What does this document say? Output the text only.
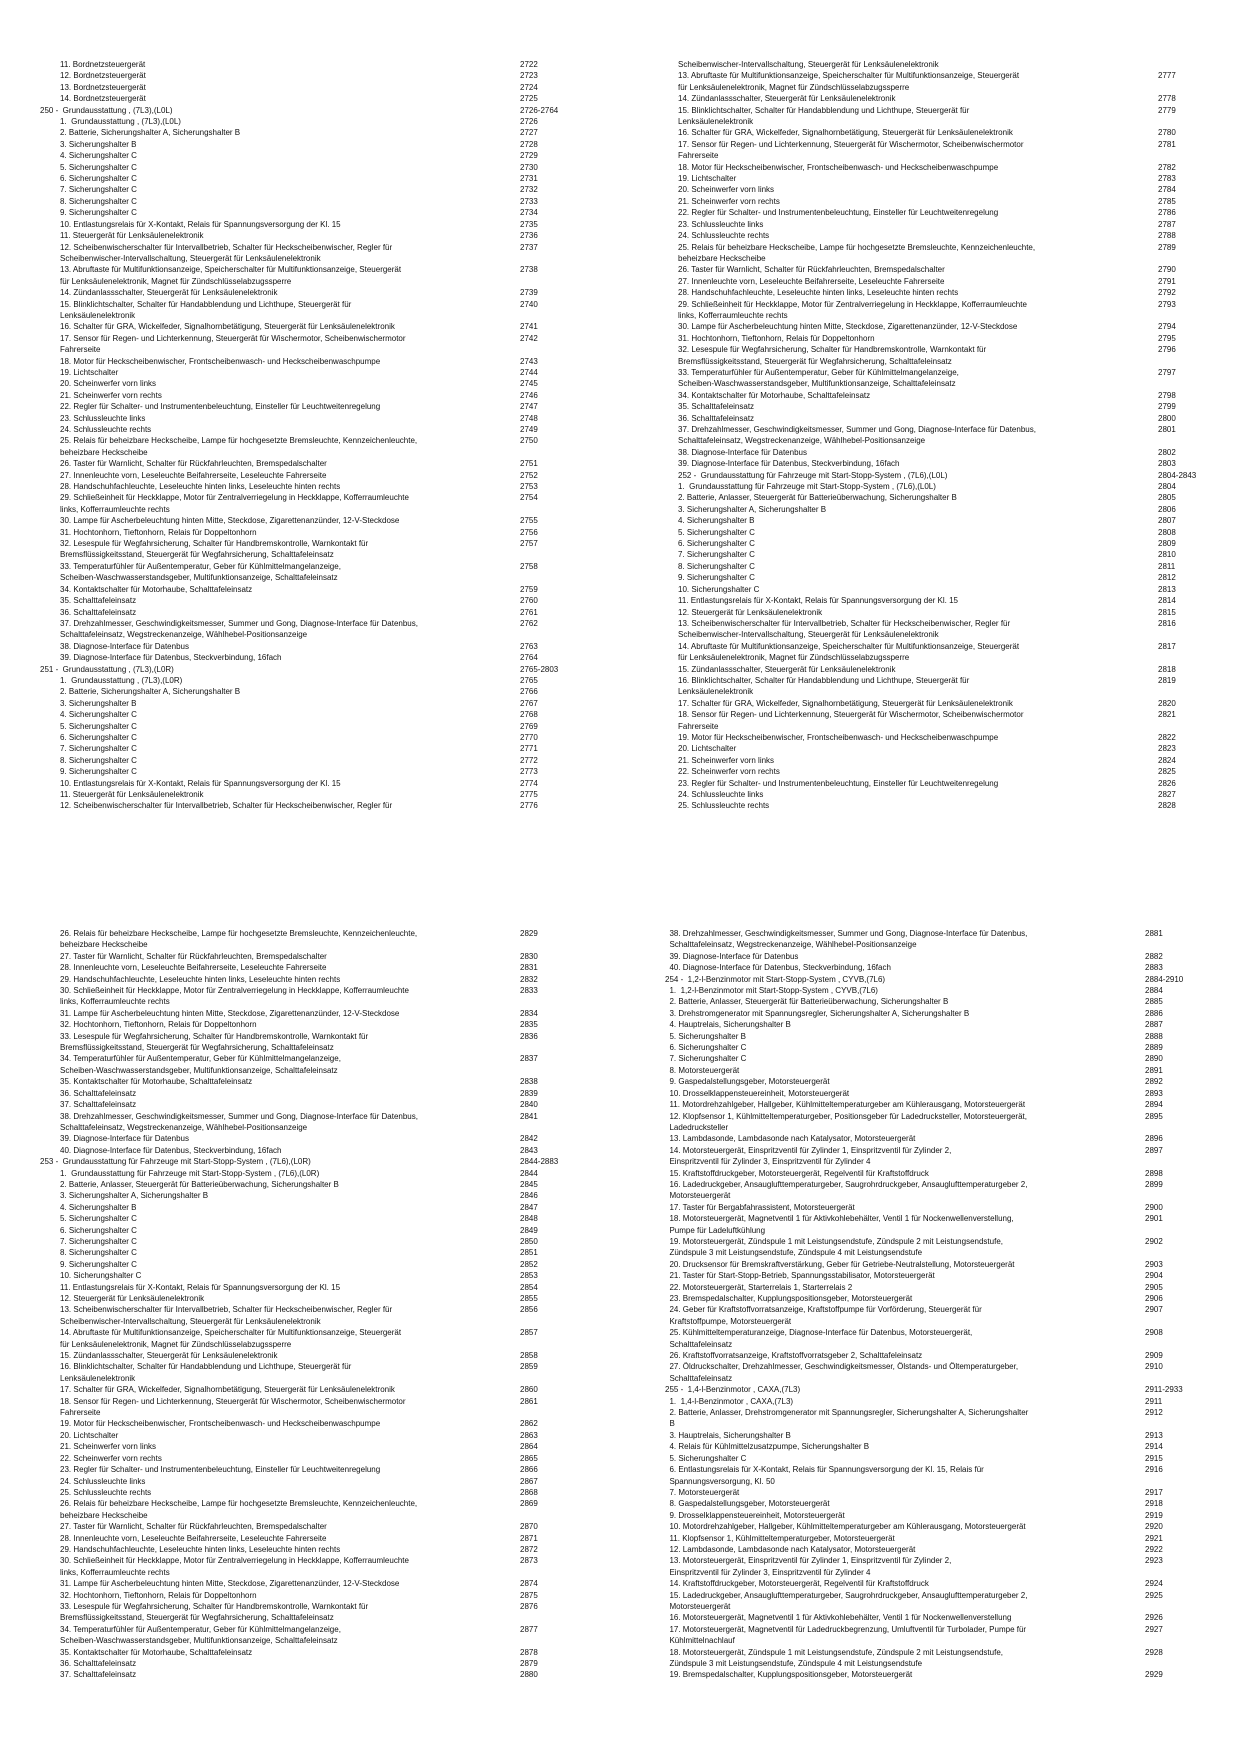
11. Bordnetzsteuergerät	2722
12. Bordnetzsteuergerät	2723
13. Bordnetzsteuergerät	2724
14. Bordnetzsteuergerät	2725
250 -  Grundausstattung , (7L3),(L0L)	2726-2764
1.  Grundausstattung , (7L3),(L0L)	2726
2. Batterie, Sicherungshalter A, Sicherungshalter B	2727
3. Sicherungshalter B	2728
4. Sicherungshalter C	2729
5. Sicherungshalter C	2730
6. Sicherungshalter C	2731
7. Sicherungshalter C	2732
8. Sicherungshalter C	2733
9. Sicherungshalter C	2734
10. Entlastungsrelais für X-Kontakt, Relais für Spannungsversorgung der Kl. 15	2735
11. Steuergerät für Lenksäulenelektronik	2736
12. Scheibenwischerschalter für Intervallbetrieb, Schalter für Heckscheibenwischer, Regler für
Scheibenwischer-Intervallschaltung, Steuergerät für Lenksäulenelektronik
2737
13. Abruftaste für Multifunktionsanzeige, Speicherschalter für Multifunktionsanzeige, Steuergerät
für Lenksäulenelektronik, Magnet für Zündschlüsselabzugssperre
2738
14. Zündanlassschalter, Steuergerät für Lenksäulenelektronik	2739
15. Blinklichtschalter, Schalter für Handabblendung und Lichthupe, Steuergerät für
Lenksäulenelektronik
2740
16. Schalter für GRA, Wickelfeder, Signalhornbetätigung, Steuergerät für Lenksäulenelektronik	2741
17. Sensor für Regen- und Lichterkennung, Steuergerät für Wischermotor, Scheibenwischermotor
Fahrerseite
2742
18. Motor für Heckscheibenwischer, Frontscheibenwasch- und Heckscheibenwaschpumpe	2743
19. Lichtschalter	2744
20. Scheinwerfer vorn links	2745
21. Scheinwerfer vorn rechts	2746
22. Regler für Schalter- und Instrumentenbeleuchtung, Einsteller für Leuchtweitenregelung	2747
23. Schlussleuchte links	2748
24. Schlussleuchte rechts	2749
25. Relais für beheizbare Heckscheibe, Lampe für hochgesetzte Bremsleuchte, Kennzeichenleuchte,
beheizbare Heckscheibe
2750
26. Taster für Warnlicht, Schalter für Rückfahrleuchten, Bremspedalschalter	2751
27. Innenleuchte vorn, Leseleuchte Beifahrerseite, Leseleuchte Fahrerseite	2752
28. Handschuhfachleuchte, Leseleuchte hinten links, Leseleuchte hinten rechts	2753
29. Schließeinheit für Heckklappe, Motor für Zentralverriegelung in Heckklappe, Kofferraumleuchte
links, Kofferraumleuchte rechts
2754
30. Lampe für Ascherbeleuchtung hinten Mitte, Steckdose, Zigarettenanzünder, 12-V-Steckdose	2755
31. Hochtonhorn, Tieftonhorn, Relais für Doppeltonhorn	2756
32. Lesespule für Wegfahrsicherung, Schalter für Handbremskontrolle, Warnkontakt für
Bremsflüssigkeitsstand, Steuergerät für Wegfahrsicherung, Schalttafeleinsatz
2757
33. Temperaturfühler für Außentemperatur, Geber für Kühlmittelmangelanzeige,
Scheiben-Waschwasserstandsgeber, Multifunktionsanzeige, Schalttafeleinsatz
2758
34. Kontaktschalter für Motorhaube, Schalttafeleinsatz	2759
35. Schalttafeleinsatz	2760
36. Schalttafeleinsatz	2761
37. Drehzahlmesser, Geschwindigkeitsmesser, Summer und Gong, Diagnose-Interface für Datenbus,
Schalttafeleinsatz, Wegstreckenanzeige, Wählhebel-Positionsanzeige
2762
38. Diagnose-Interface für Datenbus	2763
39. Diagnose-Interface für Datenbus, Steckverbindung, 16fach	2764
251 -  Grundausstattung , (7L3),(L0R)	2765-2803
1.  Grundausstattung , (7L3),(L0R)	2765
2. Batterie, Sicherungshalter A, Sicherungshalter B	2766
3. Sicherungshalter B	2767
4. Sicherungshalter C	2768
5. Sicherungshalter C	2769
6. Sicherungshalter C	2770
7. Sicherungshalter C	2771
8. Sicherungshalter C	2772
9. Sicherungshalter C	2773
10. Entlastungsrelais für X-Kontakt, Relais für Spannungsversorgung der Kl. 15	2774
11. Steuergerät für Lenksäulenelektronik	2775
12. Scheibenwischerschalter für Intervallbetrieb, Schalter für Heckscheibenwischer, Regler für	2776
Scheibenwischer-Intervallschaltung, Steuergerät für Lenksäulenelektronik
13. Abruftaste für Multifunktionsanzeige, Speicherschalter für Multifunktionsanzeige, Steuergerät
für Lenksäulenelektronik, Magnet für Zündschlüsselabzugssperre
2777
14. Zündanlassschalter, Steuergerät für Lenksäulenelektronik	2778
15. Blinklichtschalter, Schalter für Handabblendung und Lichthupe, Steuergerät für
Lenksäulenelektronik
2779
16. Schalter für GRA, Wickelfeder, Signalhornbetätigung, Steuergerät für Lenksäulenelektronik	2780
17. Sensor für Regen- und Lichterkennung, Steuergerät für Wischermotor, Scheibenwischermotor
Fahrerseite
2781
18. Motor für Heckscheibenwischer, Frontscheibenwasch- und Heckscheibenwaschpumpe	2782
19. Lichtschalter	2783
20. Scheinwerfer vorn links	2784
21. Scheinwerfer vorn rechts	2785
22. Regler für Schalter- und Instrumentenbeleuchtung, Einsteller für Leuchtweitenregelung	2786
23. Schlussleuchte links	2787
24. Schlussleuchte rechts	2788
25. Relais für beheizbare Heckscheibe, Lampe für hochgesetzte Bremsleuchte, Kennzeichenleuchte,
beheizbare Heckscheibe
2789
26. Taster für Warnlicht, Schalter für Rückfahrleuchten, Bremspedalschalter	2790
27. Innenleuchte vorn, Leseleuchte Beifahrerseite, Leseleuchte Fahrerseite	2791
28. Handschuhfachleuchte, Leseleuchte hinten links, Leseleuchte hinten rechts	2792
29. Schließeinheit für Heckklappe, Motor für Zentralverriegelung in Heckklappe, Kofferraumleuchte
links, Kofferraumleuchte rechts
2793
30. Lampe für Ascherbeleuchtung hinten Mitte, Steckdose, Zigarettenanzünder, 12-V-Steckdose	2794
31. Hochtonhorn, Tieftonhorn, Relais für Doppeltonhorn	2795
32. Lesespule für Wegfahrsicherung, Schalter für Handbremskontrolle, Warnkontakt für
Bremsflüssigkeitsstand, Steuergerät für Wegfahrsicherung, Schalttafeleinsatz
2796
33. Temperaturfühler für Außentemperatur, Geber für Kühlmittelmangelanzeige,
Scheiben-Waschwasserstandsgeber, Multifunktionsanzeige, Schalttafeleinsatz
2797
34. Kontaktschalter für Motorhaube, Schalttafeleinsatz	2798
35. Schalttafeleinsatz	2799
36. Schalttafeleinsatz	2800
37. Drehzahlmesser, Geschwindigkeitsmesser, Summer und Gong, Diagnose-Interface für Datenbus,
Schalttafeleinsatz, Wegstreckenanzeige, Wählhebel-Positionsanzeige
2801
38. Diagnose-Interface für Datenbus	2802
39. Diagnose-Interface für Datenbus, Steckverbindung, 16fach	2803
252 -  Grundausstattung für Fahrzeuge mit Start-Stopp-System , (7L6),(L0L)	2804-2843
1.  Grundausstattung für Fahrzeuge mit Start-Stopp-System , (7L6),(L0L)	2804
2. Batterie, Anlasser, Steuergerät für Batterieüberwachung, Sicherungshalter B	2805
3. Sicherungshalter A, Sicherungshalter B	2806
4. Sicherungshalter B	2807
5. Sicherungshalter C	2808
6. Sicherungshalter C	2809
7. Sicherungshalter C	2810
8. Sicherungshalter C	2811
9. Sicherungshalter C	2812
10. Sicherungshalter C	2813
11. Entlastungsrelais für X-Kontakt, Relais für Spannungsversorgung der Kl. 15	2814
12. Steuergerät für Lenksäulenelektronik	2815
13. Scheibenwischerschalter für Intervallbetrieb, Schalter für Heckscheibenwischer, Regler für
Scheibenwischer-Intervallschaltung, Steuergerät für Lenksäulenelektronik
2816
14. Abruftaste für Multifunktionsanzeige, Speicherschalter für Multifunktionsanzeige, Steuergerät
für Lenksäulenelektronik, Magnet für Zündschlüsselabzugssperre
2817
15. Zündanlassschalter, Steuergerät für Lenksäulenelektronik	2818
16. Blinklichtschalter, Schalter für Handabblendung und Lichthupe, Steuergerät für
Lenksäulenelektronik
2819
17. Schalter für GRA, Wickelfeder, Signalhornbetätigung, Steuergerät für Lenksäulenelektronik	2820
18. Sensor für Regen- und Lichterkennung, Steuergerät für Wischermotor, Scheibenwischermotor
Fahrerseite
2821
19. Motor für Heckscheibenwischer, Frontscheibenwasch- und Heckscheibenwaschpumpe	2822
20. Lichtschalter	2823
21. Scheinwerfer vorn links	2824
22. Scheinwerfer vorn rechts	2825
23. Regler für Schalter- und Instrumentenbeleuchtung, Einsteller für Leuchtweitenregelung	2826
24. Schlussleuchte links	2827
25. Schlussleuchte rechts	2828
26. Relais für beheizbare Heckscheibe, Lampe für hochgesetzte Bremsleuchte, Kennzeichenleuchte,
beheizbare Heckscheibe
2829
27. Taster für Warnlicht, Schalter für Rückfahrleuchten, Bremspedalschalter	2830
28. Innenleuchte vorn, Leseleuchte Beifahrerseite, Leseleuchte Fahrerseite	2831
29. Handschuhfachleuchte, Leseleuchte hinten links, Leseleuchte hinten rechts	2832
30. Schließeinheit für Heckklappe, Motor für Zentralverriegelung in Heckklappe, Kofferraumleuchte
links, Kofferraumleuchte rechts
2833
31. Lampe für Ascherbeleuchtung hinten Mitte, Steckdose, Zigarettenanzünder, 12-V-Steckdose	2834
32. Hochtonhorn, Tieftonhorn, Relais für Doppeltonhorn	2835
33. Lesespule für Wegfahrsicherung, Schalter für Handbremskontrolle, Warnkontakt für
Bremsflüssigkeitsstand, Steuergerät für Wegfahrsicherung, Schalttafeleinsatz
2836
34. Temperaturfühler für Außentemperatur, Geber für Kühlmittelmangelanzeige,
Scheiben-Waschwasserstandsgeber, Multifunktionsanzeige, Schalttafeleinsatz
2837
35. Kontaktschalter für Motorhaube, Schalttafeleinsatz	2838
36. Schalttafeleinsatz	2839
37. Schalttafeleinsatz	2840
38. Drehzahlmesser, Geschwindigkeitsmesser, Summer und Gong, Diagnose-Interface für Datenbus,
Schalttafeleinsatz, Wegstreckenanzeige, Wählhebel-Positionsanzeige
2841
39. Diagnose-Interface für Datenbus	2842
40. Diagnose-Interface für Datenbus, Steckverbindung, 16fach	2843
253 -  Grundausstattung für Fahrzeuge mit Start-Stopp-System , (7L6),(L0R)	2844-2883
1.  Grundausstattung für Fahrzeuge mit Start-Stopp-System , (7L6),(L0R)	2844
2. Batterie, Anlasser, Steuergerät für Batterieüberwachung, Sicherungshalter B	2845
3. Sicherungshalter A, Sicherungshalter B	2846
4. Sicherungshalter B	2847
5. Sicherungshalter C	2848
6. Sicherungshalter C	2849
7. Sicherungshalter C	2850
8. Sicherungshalter C	2851
9. Sicherungshalter C	2852
10. Sicherungshalter C	2853
11. Entlastungsrelais für X-Kontakt, Relais für Spannungsversorgung der Kl. 15	2854
12. Steuergerät für Lenksäulenelektronik	2855
13. Scheibenwischerschalter für Intervallbetrieb, Schalter für Heckscheibenwischer, Regler für
Scheibenwischer-Intervallschaltung, Steuergerät für Lenksäulenelektronik
2856
14. Abruftaste für Multifunktionsanzeige, Speicherschalter für Multifunktionsanzeige, Steuergerät
für Lenksäulenelektronik, Magnet für Zündschlüsselabzugssperre
2857
15. Zündanlassschalter, Steuergerät für Lenksäulenelektronik	2858
16. Blinklichtschalter, Schalter für Handabblendung und Lichthupe, Steuergerät für
Lenksäulenelektronik
2859
17. Schalter für GRA, Wickelfeder, Signalhornbetätigung, Steuergerät für Lenksäulenelektronik	2860
18. Sensor für Regen- und Lichterkennung, Steuergerät für Wischermotor, Scheibenwischermotor
Fahrerseite
2861
19. Motor für Heckscheibenwischer, Frontscheibenwasch- und Heckscheibenwaschpumpe	2862
20. Lichtschalter	2863
21. Scheinwerfer vorn links	2864
22. Scheinwerfer vorn rechts	2865
23. Regler für Schalter- und Instrumentenbeleuchtung, Einsteller für Leuchtweitenregelung	2866
24. Schlussleuchte links	2867
25. Schlussleuchte rechts	2868
26. Relais für beheizbare Heckscheibe, Lampe für hochgesetzte Bremsleuchte, Kennzeichenleuchte,
beheizbare Heckscheibe
2869
27. Taster für Warnlicht, Schalter für Rückfahrleuchten, Bremspedalschalter	2870
28. Innenleuchte vorn, Leseleuchte Beifahrerseite, Leseleuchte Fahrerseite	2871
29. Handschuhfachleuchte, Leseleuchte hinten links, Leseleuchte hinten rechts	2872
30. Schließeinheit für Heckklappe, Motor für Zentralverriegelung in Heckklappe, Kofferraumleuchte
links, Kofferraumleuchte rechts
2873
31. Lampe für Ascherbeleuchtung hinten Mitte, Steckdose, Zigarettenanzünder, 12-V-Steckdose	2874
32. Hochtonhorn, Tieftonhorn, Relais für Doppeltonhorn	2875
33. Lesespule für Wegfahrsicherung, Schalter für Handbremskontrolle, Warnkontakt für
Bremsflüssigkeitsstand, Steuergerät für Wegfahrsicherung, Schalttafeleinsatz
2876
34. Temperaturfühler für Außentemperatur, Geber für Kühlmittelmangelanzeige,
Scheiben-Waschwasserstandsgeber, Multifunktionsanzeige, Schalttafeleinsatz
2877
35. Kontaktschalter für Motorhaube, Schalttafeleinsatz	2878
36. Schalttafeleinsatz	2879
37. Schalttafeleinsatz	2880
38. Drehzahlmesser, Geschwindigkeitsmesser, Summer und Gong, Diagnose-Interface für Datenbus,
Schalttafeleinsatz, Wegstreckenanzeige, Wählhebel-Positionsanzeige
2881
39. Diagnose-Interface für Datenbus	2882
40. Diagnose-Interface für Datenbus, Steckverbindung, 16fach	2883
254 -  1,2-l-Benzinmotor mit Start-Stopp-System , CYVB,(7L6)	2884-2910
1.  1,2-l-Benzinmotor mit Start-Stopp-System , CYVB,(7L6)	2884
2. Batterie, Anlasser, Steuergerät für Batterieüberwachung, Sicherungshalter B	2885
3. Drehstromgenerator mit Spannungsregler, Sicherungshalter A, Sicherungshalter B	2886
4. Hauptrelais, Sicherungshalter B	2887
5. Sicherungshalter B	2888
6. Sicherungshalter C	2889
7. Sicherungshalter C	2890
8. Motorsteuergerät	2891
9. Gaspedalstellungsgeber, Motorsteuergerät	2892
10. Drosselklappensteuereinheit, Motorsteuergerät	2893
11. Motordrehzahlgeber, Hallgeber, Kühlmitteltemperaturgeber am Kühlerausgang, Motorsteuergerät	2894
12. Klopfsensor 1, Kühlmitteltemperaturgeber, Positionsgeber für Ladedrucksteller, Motorsteuergerät,
Ladedrucksteller
2895
13. Lambdasonde, Lambdasonde nach Katalysator, Motorsteuergerät	2896
14. Motorsteuergerät, Einspritzventil für Zylinder 1, Einspritzventil für Zylinder 2,
Einspritzventil für Zylinder 3, Einspritzventil für Zylinder 4
2897
15. Kraftstoffdruckgeber, Motorsteuergerät, Regelventil für Kraftstoffdruck	2898
16. Ladedruckgeber, Ansauglufttemperaturgeber, Saugrohrdruckgeber, Ansauglufttemperaturgeber 2,
Motorsteuergerät
2899
17. Taster für Bergabfahrassistent, Motorsteuergerät	2900
18. Motorsteuergerät, Magnetventil 1 für Aktivkohlebehälter, Ventil 1 für Nockenwellenverstellung,
Pumpe für Ladeluftkühlung
2901
19. Motorsteuergerät, Zündspule 1 mit Leistungsendstufe, Zündspule 2 mit Leistungsendstufe,
Zündspule 3 mit Leistungsendstufe, Zündspule 4 mit Leistungsendstufe
2902
20. Drucksensor für Bremskraftverstärkung, Geber für Getriebe-Neutralstellung, Motorsteuergerät	2903
21. Taster für Start-Stopp-Betrieb, Spannungsstabilisator, Motorsteuergerät	2904
22. Motorsteuergerät, Starterrelais 1, Starterrelais 2	2905
23. Bremspedalschalter, Kupplungspositionsgeber, Motorsteuergerät	2906
24. Geber für Kraftstoffvorratsanzeige, Kraftstoffpumpe für Vorförderung, Steuergerät für
Kraftstoffpumpe, Motorsteuergerät
2907
25. Kühlmitteltemperaturanzeige, Diagnose-Interface für Datenbus, Motorsteuergerät,
Schalttafeleinsatz
2908
26. Kraftstoffvorratsanzeige, Kraftstoffvorratsgeber 2, Schalttafeleinsatz	2909
27. Öldruckschalter, Drehzahlmesser, Geschwindigkeitsmesser, Ölstands- und Öltemperaturgeber,
Schalttafeleinsatz
2910
255 -  1,4-l-Benzinmotor , CAXA,(7L3)	2911-2933
1.  1,4-l-Benzinmotor , CAXA,(7L3)	2911
2. Batterie, Anlasser, Drehstromgenerator mit Spannungsregler, Sicherungshalter A, Sicherungshalter
B
2912
3. Hauptrelais, Sicherungshalter B	2913
4. Relais für Kühlmittelzusatzpumpe, Sicherungshalter B	2914
5. Sicherungshalter C	2915
6. Entlastungsrelais für X-Kontakt, Relais für Spannungsversorgung der Kl. 15, Relais für
Spannungsversorgung, Kl. 50
2916
7. Motorsteuergerät	2917
8. Gaspedalstellungsgeber, Motorsteuergerät	2918
9. Drosselklappensteuereinheit, Motorsteuergerät	2919
10. Motordrehzahlgeber, Hallgeber, Kühlmitteltemperaturgeber am Kühlerausgang, Motorsteuergerät	2920
11. Klopfsensor 1, Kühlmitteltemperaturgeber, Motorsteuergerät	2921
12. Lambdasonde, Lambdasonde nach Katalysator, Motorsteuergerät	2922
13. Motorsteuergerät, Einspritzventil für Zylinder 1, Einspritzventil für Zylinder 2,
Einspritzventil für Zylinder 3, Einspritzventil für Zylinder 4
2923
14. Kraftstoffdruckgeber, Motorsteuergerät, Regelventil für Kraftstoffdruck	2924
15. Ladedruckgeber, Ansauglufttemperaturgeber, Saugrohrdruckgeber, Ansauglufttemperaturgeber 2,
Motorsteuergerät
2925
16. Motorsteuergerät, Magnetventil 1 für Aktivkohlebehälter, Ventil 1 für Nockenwellenverstellung	2926
17. Motorsteuergerät, Magnetventil für Ladedruckbegrenzung, Umluftventil für Turbolader, Pumpe für
Kühlmittelnachlauf
2927
18. Motorsteuergerät, Zündspule 1 mit Leistungsendstufe, Zündspule 2 mit Leistungsendstufe,
Zündspule 3 mit Leistungsendstufe, Zündspule 4 mit Leistungsendstufe
2928
19. Bremspedalschalter, Kupplungspositionsgeber, Motorsteuergerät	2929
